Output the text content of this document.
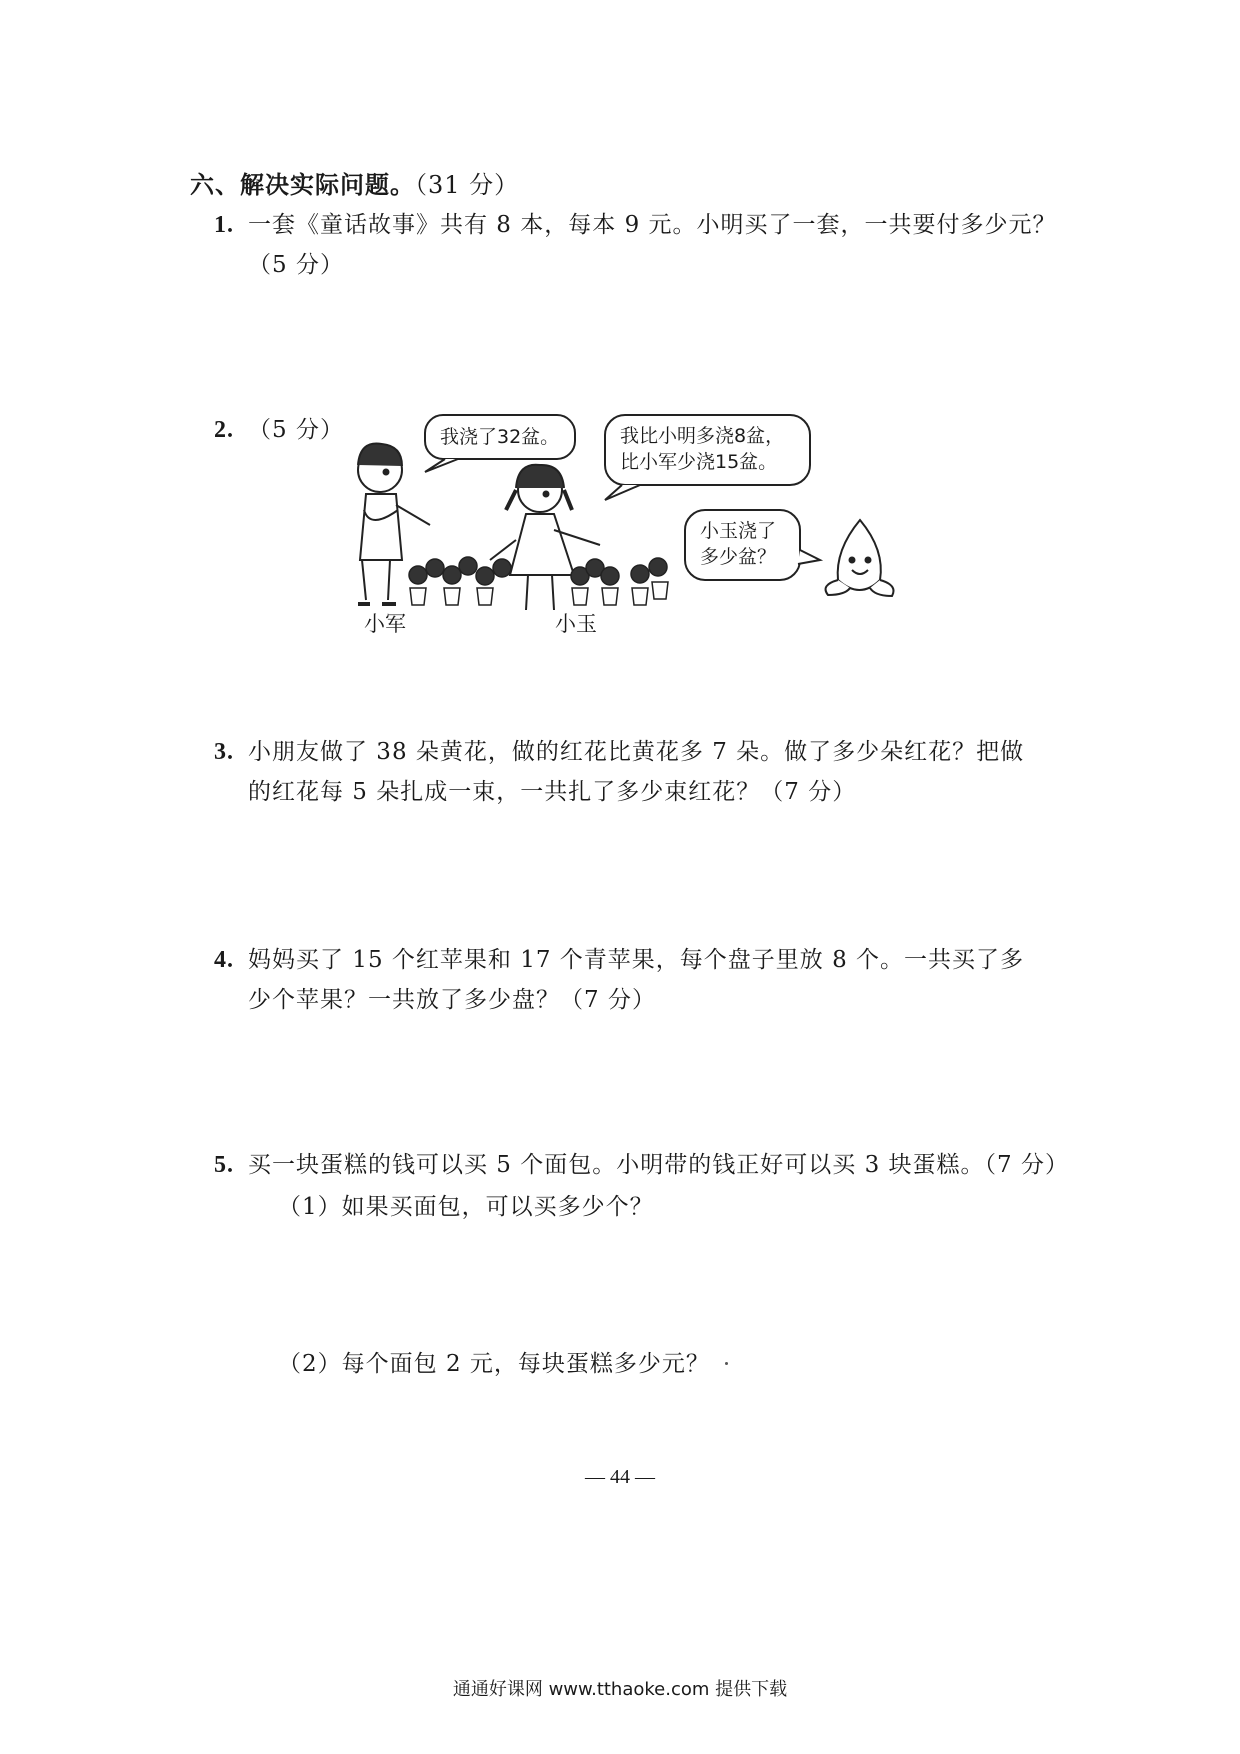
六、解决实际问题。（31 分）
1. 一套《童话故事》共有 8 本，每本 9 元。小明买了一套，一共要付多少元？
（5 分）
2. （5 分）	我浇了32盆。	我比小明多浇8盆，
比小军少浇15盆。
小玉浇了
多少盆？
小军	小玉
3. 小朋友做了 38 朵黄花，做的红花比黄花多 7 朵。做了多少朵红花？把做
的红花每 5 朵扎成一束，一共扎了多少束红花？（7 分）
4. 妈妈买了 15 个红苹果和 17 个青苹果，每个盘子里放 8 个。一共买了多
少个苹果？一共放了多少盘？（7 分）
5. 买一块蛋糕的钱可以买 5 个面包。小明带的钱正好可以买 3 块蛋糕。（7 分）
（1）如果买面包，可以买多少个？
（2）每个面包 2 元，每块蛋糕多少元？
— 44 —
通通好课网 www.tthaoke.com 提供下载
